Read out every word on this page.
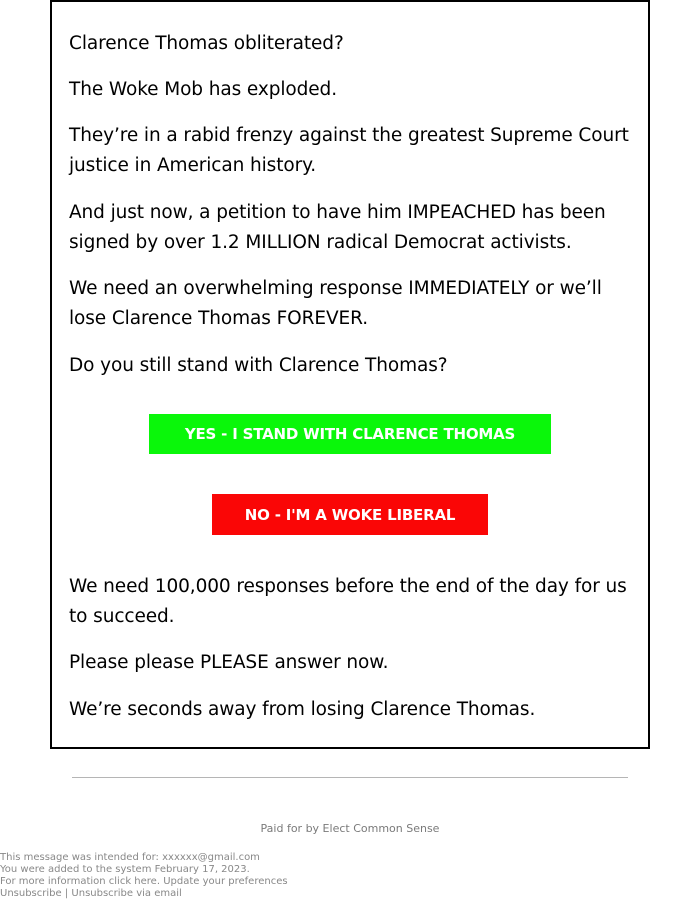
Clarence Thomas obliterated?

The Woke Mob has exploded.

They’re in a rabid frenzy against the greatest Supreme Court justice in American history.

And just now, a petition to have him IMPEACHED has been signed by over 1.2 MILLION radical Democrat activists.

We need an overwhelming response IMMEDIATELY or we’ll lose Clarence Thomas FOREVER.

Do you still stand with Clarence Thomas?

YES - I STAND WITH CLARENCE THOMAS
NO - I'M A WOKE LIBERAL

We need 100,000 responses before the end of the day for us to succeed.

Please please PLEASE answer now.

We’re seconds away from losing Clarence Thomas.

Paid for by Elect Common Sense
This message was intended for: xxxxxx@gmail.com
You were added to the system February 17, 2023.
For more information click here. Update your preferences
Unsubscribe | Unsubscribe via email
